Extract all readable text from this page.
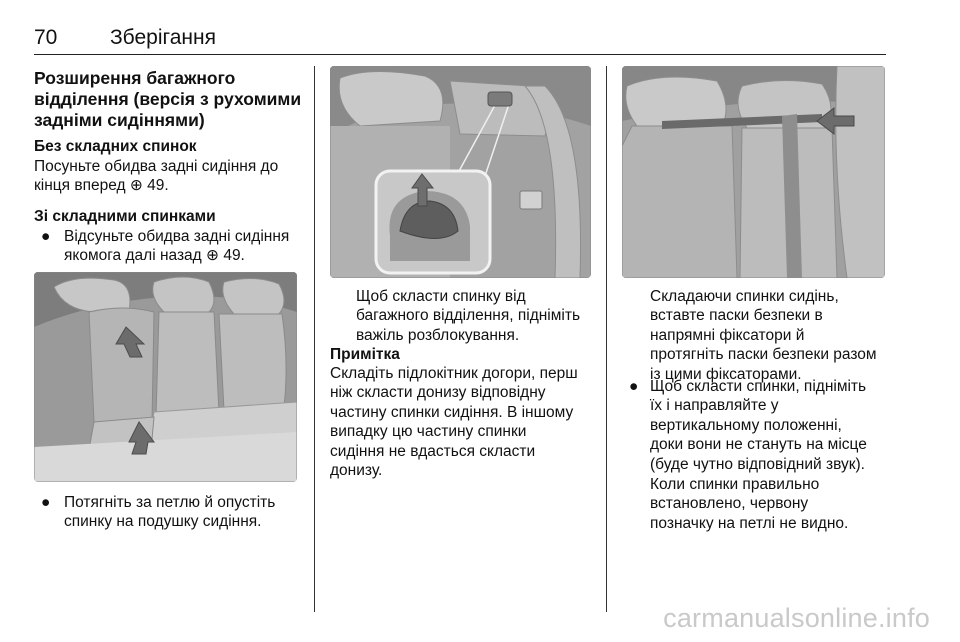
70	Зберігання
Розширення багажного
відділення (версія з рухомими
задніми сидіннями)
Без складних спинок
Посуньте обидва задні сидіння до
кінця вперед ⊕ 49.
Зі складними спинками
● Відсуньте обидва задні сидіння
якомога далі назад ⊕ 49.
● Потягніть за петлю й опустіть
спинку на подушку сидіння.
Щоб скласти спинку від
багажного відділення, підніміть
важіль розблокування.
Примітка
Складіть підлокітник догори, перш
ніж скласти донизу відповідну
частину спинки сидіння. В іншому
випадку цю частину спинки
сидіння не вдасться скласти
донизу.
Складаючи спинки сидінь,
вставте паски безпеки в
напрямні фіксатори й
протягніть паски безпеки разом
із цими фіксаторами.
● Щоб скласти спинки, підніміть
їх і направляйте у
вертикальному положенні,
доки вони не стануть на місце
(буде чутно відповідний звук).
Коли спинки правильно
встановлено, червону
позначку на петлі не видно.
carmanualsonline.info
